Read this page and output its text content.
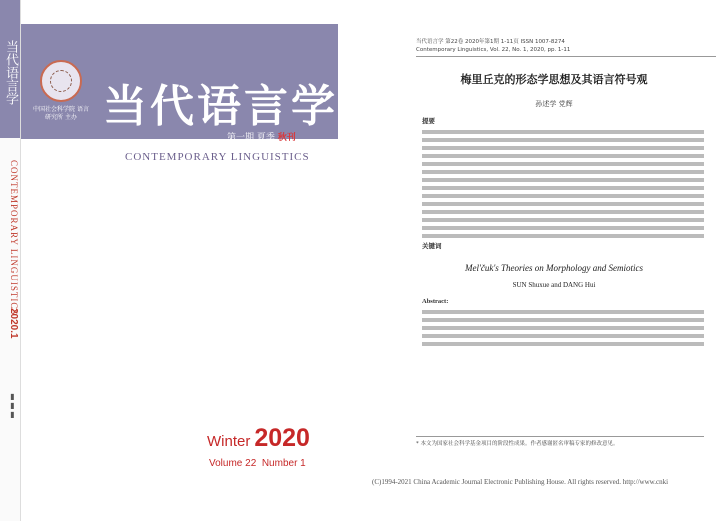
当代语言学
CONTEMPORARY LINGUISTICS
2020.1
▮▮▮
中国社会科学院 语言研究所 主办 当代语言学
第一期 夏季 秋刊
CONTEMPORARY LINGUISTICS
Winter 2020
Volume 22 Number 1
当代语言学 第22卷 2020年第1期 1-11页 ISSN 1007-8274
Contemporary Linguistics, Vol. 22, No. 1, 2020, pp. 1-11
梅里丘克的形态学思想及其语言符号观
孙述学 党辉
提要
关键词
Mel'čuk's Theories on Morphology and Semiotics
SUN Shuxue and DANG Hui
Abstract:
* 本文为国家社会科学基金项目的阶段性成果。作者感谢匿名审稿专家的修改意见。
(C)1994-2021 China Academic Journal Electronic Publishing House. All rights reserved. http://www.cnki
